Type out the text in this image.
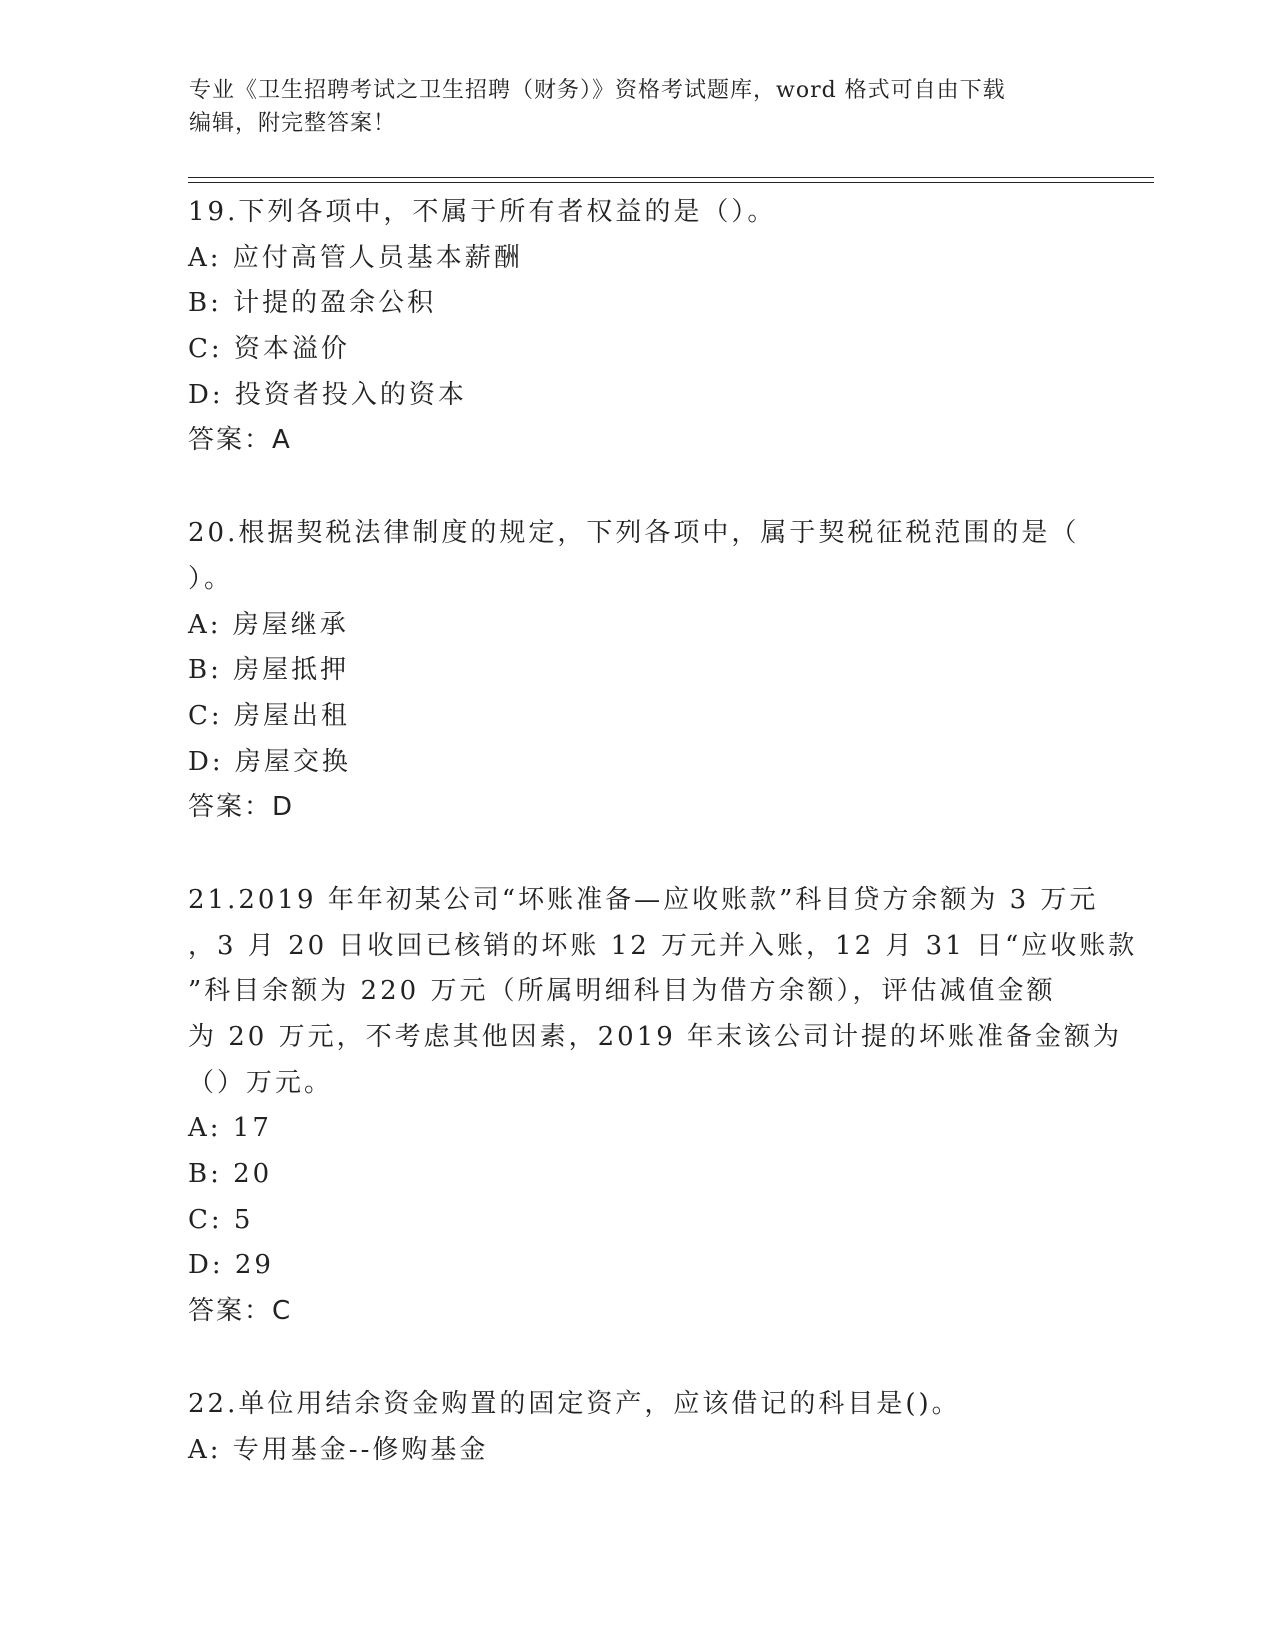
专业《卫生招聘考试之卫生招聘（财务）》资格考试题库，word 格式可自由下载
编辑，附完整答案！
19.下列各项中，不属于所有者权益的是（）。
A: 应付高管人员基本薪酬
B: 计提的盈余公积
C: 资本溢价
D: 投资者投入的资本
答案：A
20.根据契税法律制度的规定，下列各项中，属于契税征税范围的是（
）。
A: 房屋继承
B: 房屋抵押
C: 房屋出租
D: 房屋交换
答案：D
21.2019 年年初某公司“坏账准备—应收账款”科目贷方余额为 3 万元
，3 月 20 日收回已核销的坏账 12 万元并入账，12 月 31 日“应收账款
”科目余额为 220 万元（所属明细科目为借方余额），评估减值金额
为 20 万元，不考虑其他因素，2019 年末该公司计提的坏账准备金额为
（）万元。
A: 17
B: 20
C: 5
D: 29
答案：C
22.单位用结余资金购置的固定资产，应该借记的科目是()。
A: 专用基金--修购基金
